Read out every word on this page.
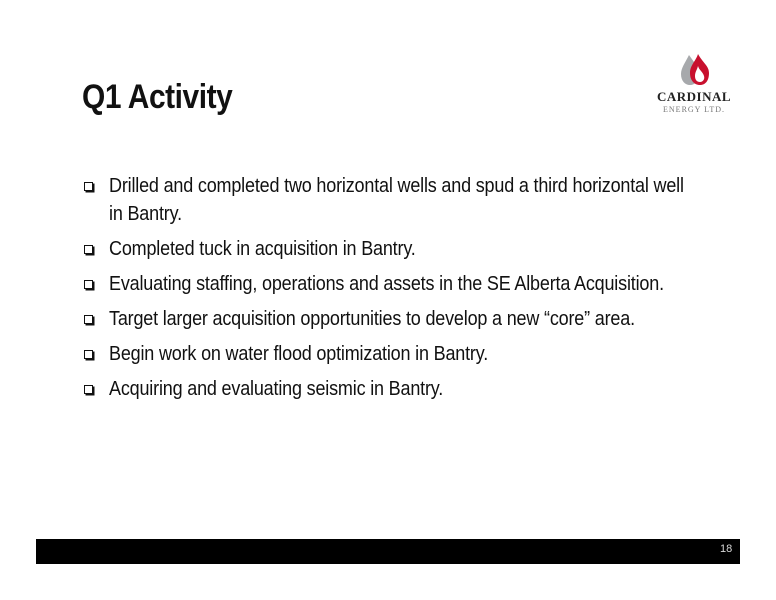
Q1 Activity	CARDINAL
ENERGY LTD.
Drilled and completed two horizontal wells and spud a third horizontal well in Bantry.
Completed tuck in acquisition in Bantry.
Evaluating staffing, operations and assets in the SE Alberta Acquisition.
Target larger acquisition opportunities to develop a new “core” area.
Begin work on water flood optimization in Bantry.
Acquiring and evaluating seismic in Bantry.
18
